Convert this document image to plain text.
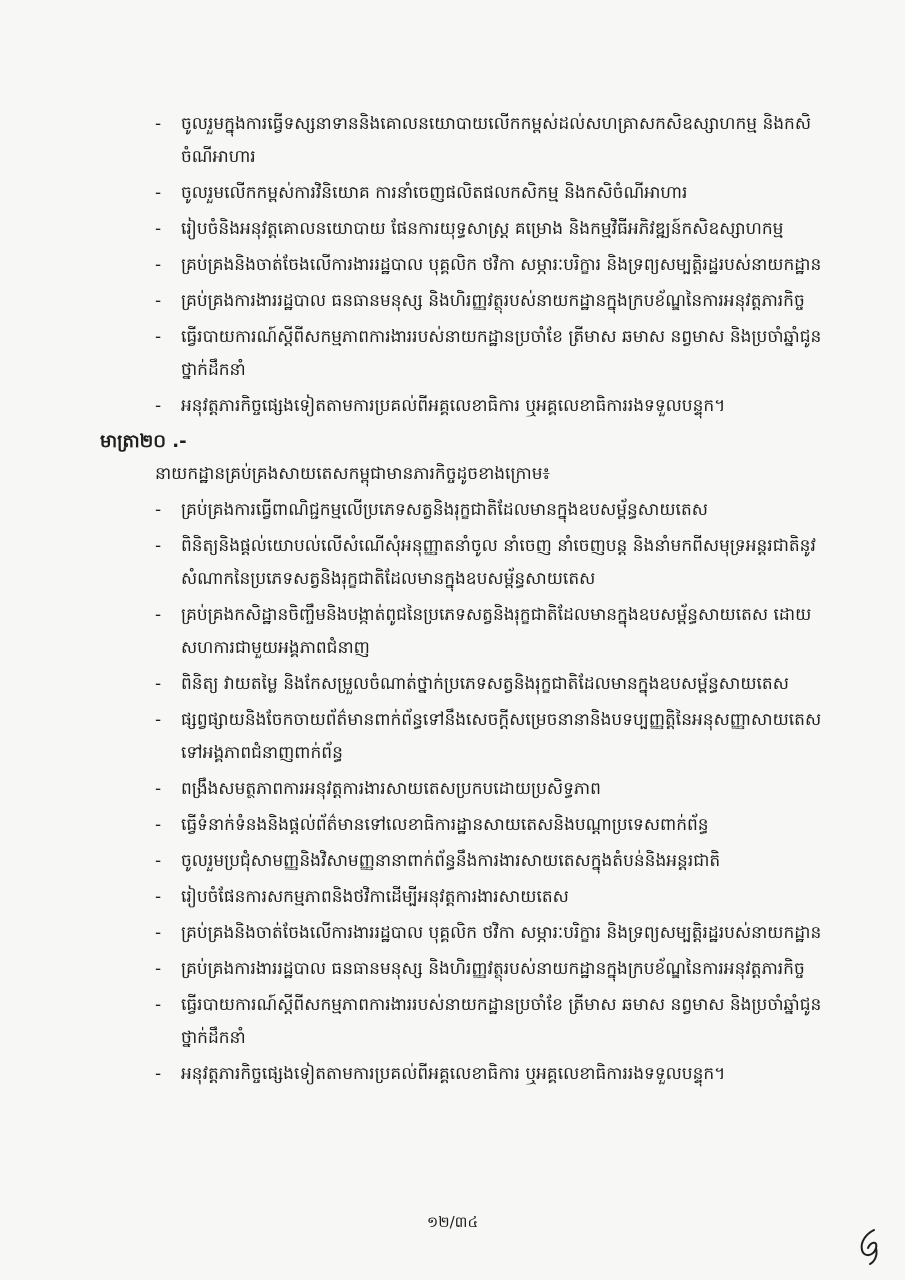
-	ចូលរួមក្នុងការធ្វើទស្សនាទាននិងគោលនយោបាយលើកកម្ពស់ដល់សហគ្រាសកសិឧស្សាហកម្ម និងកសិចំណីអាហារ
-	ចូលរួមលើកកម្ពស់ការវិនិយោគ ការនាំចេញផលិតផលកសិកម្ម និងកសិចំណីអាហារ
-	រៀបចំនិងអនុវត្តគោលនយោបាយ ផែនការយុទ្ធសាស្ត្រ គម្រោង និងកម្មវិធីអភិវឌ្ឍន៍កសិឧស្សាហកម្ម
-	គ្រប់គ្រងនិងចាត់ចែងលើការងាររដ្ឋបាល បុគ្គលិក ថវិកា សម្ភារៈបរិក្ខារ និងទ្រព្យសម្បត្តិរដ្ឋរបស់នាយកដ្ឋាន
-	គ្រប់គ្រងការងាររដ្ឋបាល ធនធានមនុស្ស និងហិរញ្ញវត្ថុរបស់នាយកដ្ឋានក្នុងក្របខ័ណ្ឌនៃការអនុវត្តភារកិច្ច
-	ធ្វើរបាយការណ៍ស្តីពីសកម្មភាពការងាររបស់នាយកដ្ឋានប្រចាំខែ ត្រីមាស ឆមាស នព្វមាស និងប្រចាំឆ្នាំជូនថ្នាក់ដឹកនាំ
-	អនុវត្តភារកិច្ចផ្សេងទៀតតាមការប្រគល់ពីអគ្គលេខាធិការ ឬអគ្គលេខាធិការរងទទួលបន្ទុក។
មាត្រា២០ .-
នាយកដ្ឋានគ្រប់គ្រងសាយតេសកម្ពុជាមានភារកិច្ចដូចខាងក្រោម៖
-	គ្រប់គ្រងការធ្វើពាណិជ្ជកម្មលើប្រភេទសត្វនិងរុក្ខជាតិដែលមានក្នុងឧបសម្ព័ន្ធសាយតេស
-	ពិនិត្យនិងផ្តល់យោបល់លើសំណើសុំអនុញ្ញាតនាំចូល នាំចេញ នាំចេញបន្ត និងនាំមកពីសមុទ្រអន្តរជាតិនូវសំណាកនៃប្រភេទសត្វនិងរុក្ខជាតិដែលមានក្នុងឧបសម្ព័ន្ធសាយតេស
-	គ្រប់គ្រងកសិដ្ឋានចិញ្ចឹមនិងបង្កាត់ពូជនៃប្រភេទសត្វនិងរុក្ខជាតិដែលមានក្នុងឧបសម្ព័ន្ធសាយតេស ដោយសហការជាមួយអង្គភាពជំនាញ
-	ពិនិត្យ វាយតម្លៃ និងកែសម្រួលចំណាត់ថ្នាក់ប្រភេទសត្វនិងរុក្ខជាតិដែលមានក្នុងឧបសម្ព័ន្ធសាយតេស
-	ផ្សព្វផ្សាយនិងចែកចាយព័ត៌មានពាក់ព័ន្ធទៅនឹងសេចក្តីសម្រេចនានានិងបទប្បញ្ញត្តិនៃអនុសញ្ញាសាយតេសទៅអង្គភាពជំនាញពាក់ព័ន្ធ
-	ពង្រឹងសមត្ថភាពការអនុវត្តការងារសាយតេសប្រកបដោយប្រសិទ្ធភាព
-	ធ្វើទំនាក់ទំនងនិងផ្តល់ព័ត៌មានទៅលេខាធិការដ្ឋានសាយតេសនិងបណ្តាប្រទេសពាក់ព័ន្ធ
-	ចូលរួមប្រជុំសាមញ្ញនិងវិសាមញ្ញនានាពាក់ព័ន្ធនឹងការងារសាយតេសក្នុងតំបន់និងអន្តរជាតិ
-	រៀបចំផែនការសកម្មភាពនិងថវិកាដើម្បីអនុវត្តការងារសាយតេស
-	គ្រប់គ្រងនិងចាត់ចែងលើការងាររដ្ឋបាល បុគ្គលិក ថវិកា សម្ភារៈបរិក្ខារ និងទ្រព្យសម្បត្តិរដ្ឋរបស់នាយកដ្ឋាន
-	គ្រប់គ្រងការងាររដ្ឋបាល ធនធានមនុស្ស និងហិរញ្ញវត្ថុរបស់នាយកដ្ឋានក្នុងក្របខ័ណ្ឌនៃការអនុវត្តភារកិច្ច
-	ធ្វើរបាយការណ៍ស្តីពីសកម្មភាពការងាររបស់នាយកដ្ឋានប្រចាំខែ ត្រីមាស ឆមាស នព្វមាស និងប្រចាំឆ្នាំជូនថ្នាក់ដឹកនាំ
-	អនុវត្តភារកិច្ចផ្សេងទៀតតាមការប្រគល់ពីអគ្គលេខាធិការ ឬអគ្គលេខាធិការរងទទួលបន្ទុក។
១២/៣៤
